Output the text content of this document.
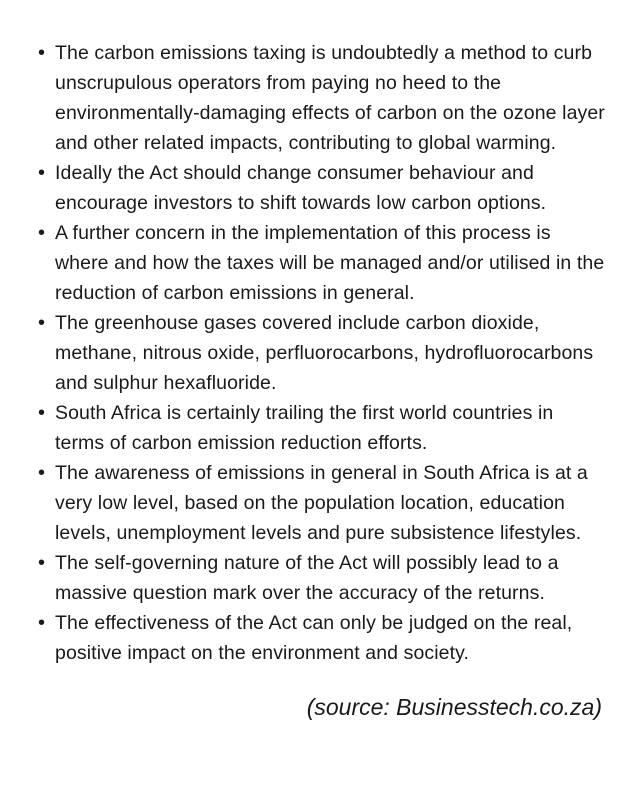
• The carbon emissions taxing is undoubtedly a method to curb unscrupulous operators from paying no heed to the environmentally-damaging effects of carbon on the ozone layer and other related impacts, contributing to global warming.
• Ideally the Act should change consumer behaviour and encourage investors to shift towards low carbon options.
• A further concern in the implementation of this process is where and how the taxes will be managed and/or utilised in the reduction of carbon emissions in general.
• The greenhouse gases covered include carbon dioxide, methane, nitrous oxide, perfluorocarbons, hydrofluorocarbons and sulphur hexafluoride.
• South Africa is certainly trailing the first world countries in terms of carbon emission reduction efforts.
• The awareness of emissions in general in South Africa is at a very low level, based on the population location, education levels, unemployment levels and pure subsistence lifestyles.
• The self-governing nature of the Act will possibly lead to a massive question mark over the accuracy of the returns.
• The effectiveness of the Act can only be judged on the real, positive impact on the environment and society.
(source: Businesstech.co.za)
